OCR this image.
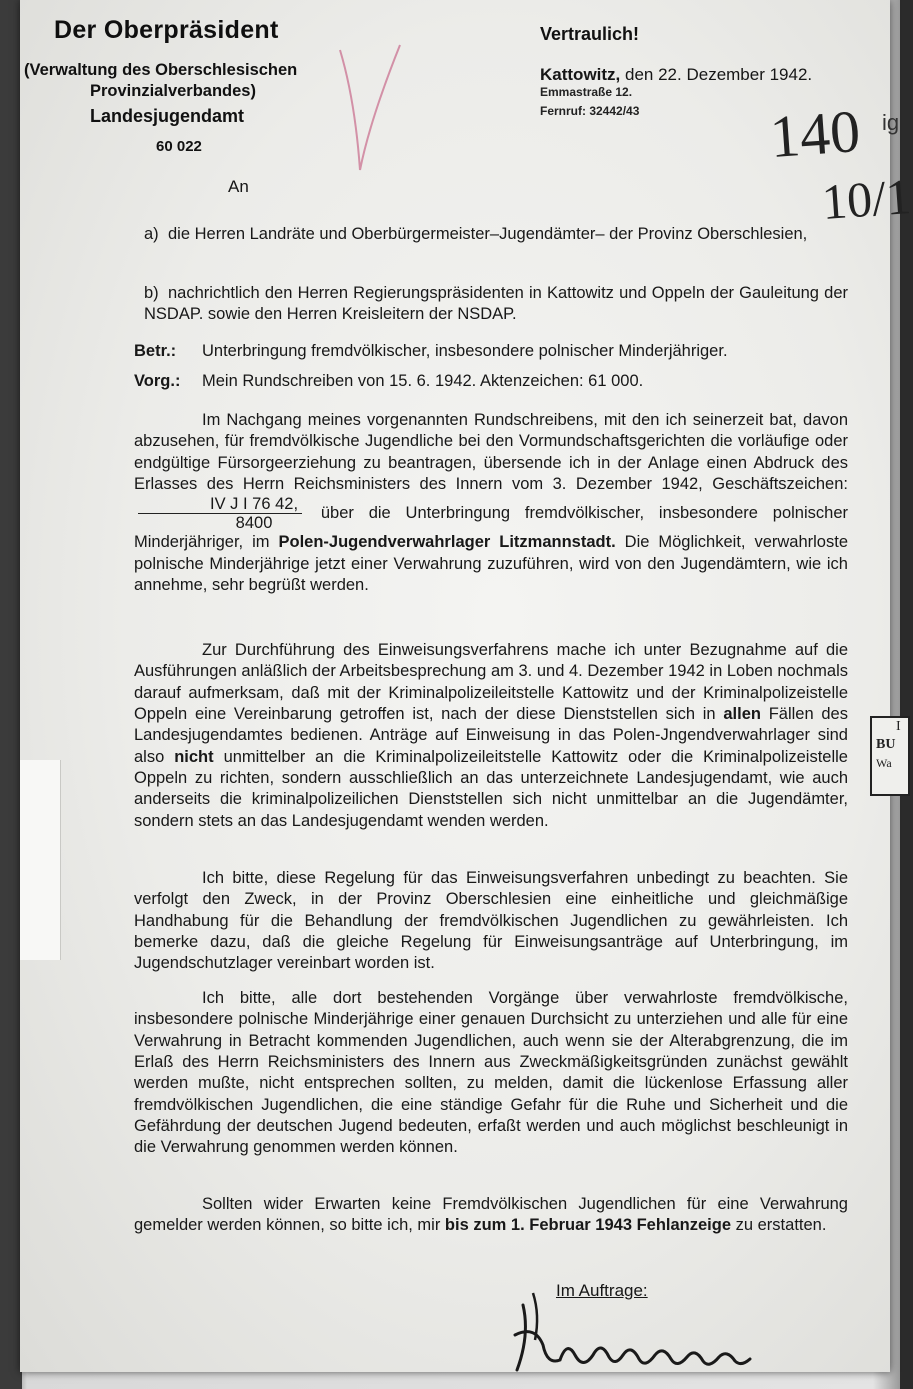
Der Oberpräsident
(Verwaltung des Oberschlesischen
Provinzialverbandes)
Landesjugendamt
60 022
Vertraulich!
Kattowitz, den 22. Dezember 1942.
Emmastraße 12.
Fernruf: 32442/43 140
10/1
ig
An
a) die Herren Landräte und Oberbürgermeister–Jugendämter– der Provinz Oberschlesien,
b) nachrichtlich den Herren Regierungspräsidenten in Kattowitz und Oppeln der Gauleitung der NSDAP. sowie den Herren Kreisleitern der NSDAP.
Betr.: Unterbringung fremdvölkischer, insbesondere polnischer Minderjähriger.
Vorg.: Mein Rundschreiben von 15. 6. 1942. Aktenzeichen: 61 000.

Im Nachgang meines vorgenannten Rundschreibens, mit den ich seinerzeit bat, davon abzusehen, für fremdvölkische Jugendliche bei den Vormundschaftsgerichten die vorläufige oder endgültige Fürsorgeerziehung zu beantragen, übersende ich in der Anlage einen Abdruck des Erlasses des Herrn Reichsministers des Innern vom 3. Dezember 1942, Geschäftszeichen:
$\frac{\text{IV J I 76 42,}}{8400}$ über die Unterbringung fremdvölkischer, insbesondere polnischer Minderjähriger, im Polen-Jugendverwahrlager Litzmannstadt. Die Möglichkeit, verwahrloste polnische Minderjährige jetzt einer Verwahrung zuzuführen, wird von den Jugendämtern, wie ich annehme, sehr begrüßt werden.

Zur Durchführung des Einweisungsverfahrens mache ich unter Bezugnahme auf die Ausführungen anläßlich der Arbeitsbesprechung am 3. und 4. Dezember 1942 in Loben nochmals darauf aufmerksam, daß mit der Kriminalpolizeileitstelle Kattowitz und der Kriminalpolizeistelle Oppeln eine Vereinbarung getroffen ist, nach der diese Dienststellen sich in allen Fällen des Landesjugendamtes bedienen. Anträge auf Einweisung in das Polen-Jngendverwahrlager sind also nicht unmittelber an die Kriminalpolizeileitstelle Kattowitz oder die Kriminalpolizeistelle Oppeln zu richten, sondern ausschließlich an das unterzeichnete Landesjugendamt, wie auch anderseits die kriminalpolizeilichen Dienststellen sich nicht unmittelbar an die Jugendämter, sondern stets an das Landesjugendamt wenden werden.

Ich bitte, diese Regelung für das Einweisungsverfahren unbedingt zu beachten. Sie verfolgt den Zweck, in der Provinz Oberschlesien eine einheitliche und gleichmäßige Handhabung für die Behandlung der fremdvölkischen Jugendlichen zu gewährleisten. Ich bemerke dazu, daß die gleiche Regelung für Einweisungsanträge auf Unterbringung, im Jugendschutzlager vereinbart worden ist.

Ich bitte, alle dort bestehenden Vorgänge über verwahrloste fremdvölkische, insbesondere polnische Minderjährige einer genauen Durchsicht zu unterziehen und alle für eine Verwahrung in Betracht kommenden Jugendlichen, auch wenn sie der Alterabgrenzung, die im Erlaß des Herrn Reichsministers des Innern aus Zweckmäßigkeitsgründen zunächst gewählt werden mußte, nicht entsprechen sollten, zu melden, damit die lückenlose Erfassung aller fremdvölkischen Jugendlichen, die eine ständige Gefahr für die Ruhe und Sicherheit und die Gefährdung der deutschen Jugend bedeuten, erfaßt werden und auch möglichst beschleunigt in die Verwahrung genommen werden können.

Sollten wider Erwarten keine Fremdvölkischen Jugendlichen für eine Verwahrung gemelder werden können, so bitte ich, mir bis zum 1. Februar 1943 Fehlanzeige zu erstatten.

Im Auftrage:
I
BU
Wa
